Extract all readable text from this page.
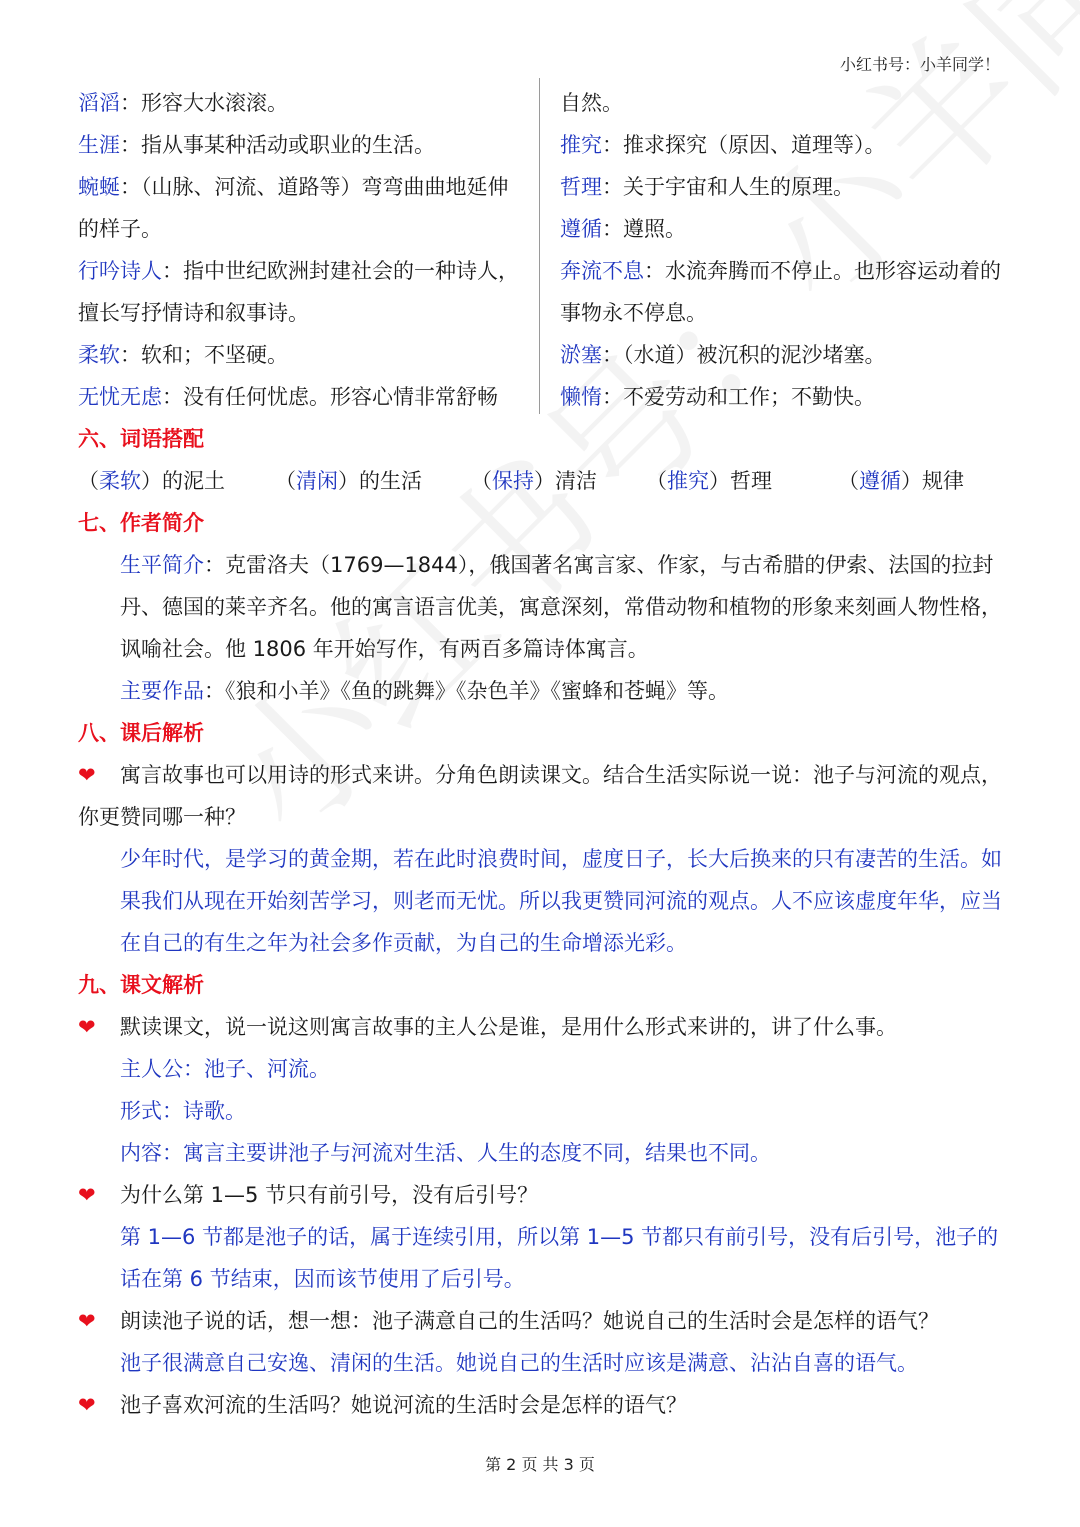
小红书号：小羊同学！
滔滔：形容大水滚滚。
生涯：指从事某种活动或职业的生活。
蜿蜒：（山脉、河流、道路等）弯弯曲曲地延伸的样子。
行吟诗人：指中世纪欧洲封建社会的一种诗人，擅长写抒情诗和叙事诗。
柔软：软和；不坚硬。
无忧无虑：没有任何忧虑。形容心情非常舒畅
自然。
推究：推求探究（原因、道理等）。
哲理：关于宇宙和人生的原理。
遵循：遵照。
奔流不息：水流奔腾而不停止。也形容运动着的事物永不停息。
淤塞：（水道）被沉积的泥沙堵塞。
懒惰：不爱劳动和工作；不勤快。

六、词语搭配

（柔软）的泥土	（清闲）的生活	（保持）清洁	（推究）哲理	（遵循）规律

七、作者简介

生平简介：克雷洛夫（1769—1844），俄国著名寓言家、作家，与古希腊的伊索、法国的拉封丹、德国的莱辛齐名。他的寓言语言优美，寓意深刻，常借动物和植物的形象来刻画人物性格，讽喻社会。他 1806 年开始写作，有两百多篇诗体寓言。

主要作品：《狼和小羊》《鱼的跳舞》《杂色羊》《蜜蜂和苍蝇》等。

八、课后解析

❤ 寓言故事也可以用诗的形式来讲。分角色朗读课文。结合生活实际说一说：池子与河流的观点，你更赞同哪一种？

少年时代，是学习的黄金期，若在此时浪费时间，虚度日子，长大后换来的只有凄苦的生活。如果我们从现在开始刻苦学习，则老而无忧。所以我更赞同河流的观点。人不应该虚度年华，应当在自己的有生之年为社会多作贡献，为自己的生命增添光彩。

九、课文解析

❤ 默读课文，说一说这则寓言故事的主人公是谁，是用什么形式来讲的，讲了什么事。

主人公：池子、河流。

形式：诗歌。

内容：寓言主要讲池子与河流对生活、人生的态度不同，结果也不同。

❤ 为什么第 1—5 节只有前引号，没有后引号？

第 1—6 节都是池子的话，属于连续引用，所以第 1—5 节都只有前引号，没有后引号，池子的话在第 6 节结束，因而该节使用了后引号。

❤ 朗读池子说的话，想一想：池子满意自己的生活吗？她说自己的生活时会是怎样的语气？

池子很满意自己安逸、清闲的生活。她说自己的生活时应该是满意、沾沾自喜的语气。

❤ 池子喜欢河流的生活吗？她说河流的生活时会是怎样的语气？

第 2 页 共 3 页
